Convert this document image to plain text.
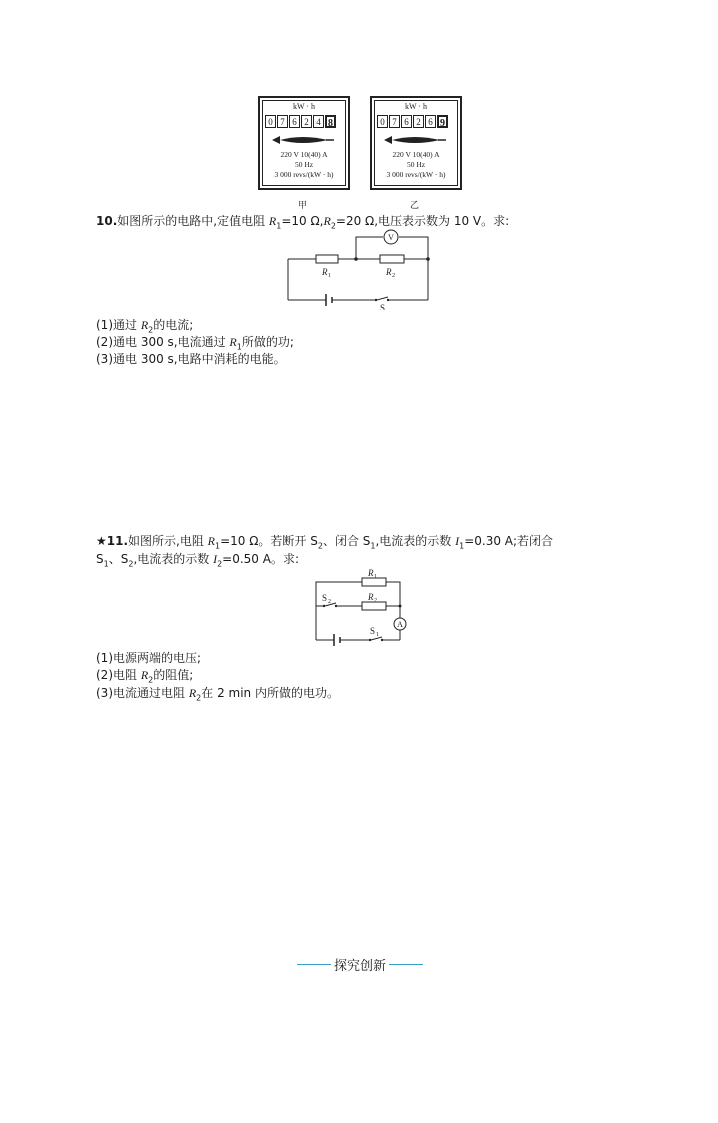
kW · h
0 7 6 2 4 8
220 V 10(40) A
50 Hz
3 000 revs/(kW · h)
甲
kW · h
0 7 6 2 6 9
220 V 10(40) A
50 Hz
3 000 revs/(kW · h)
乙
10.如图所示的电路中,定值电阻 $R_1=10$ $\Omega,R_2=20$ Ω,电压表示数为 10 V。求:
V
R 1	R 2
S
(1)通过 $R_2$的电流;
(2)通电 300 s,电流通过 $R_1$所做的功;
(3)通电 300 s,电路中消耗的电能。
★11.如图所示,电阻 $R_1=10$ Ω。若断开 $S_2$、闭合 $S_1$,电流表的示数 $I_1=0.30$ A;若闭合
$S_1$、$S_2$,电流表的示数 $I_2=0.50$ A。求:
A
R 1
R 2
S 2
S 1
(1)电源两端的电压;
(2)电阻 $R_2$的阻值;
(3)电流通过电阻 $R_2$在 2 min 内所做的电功。
探究创新
